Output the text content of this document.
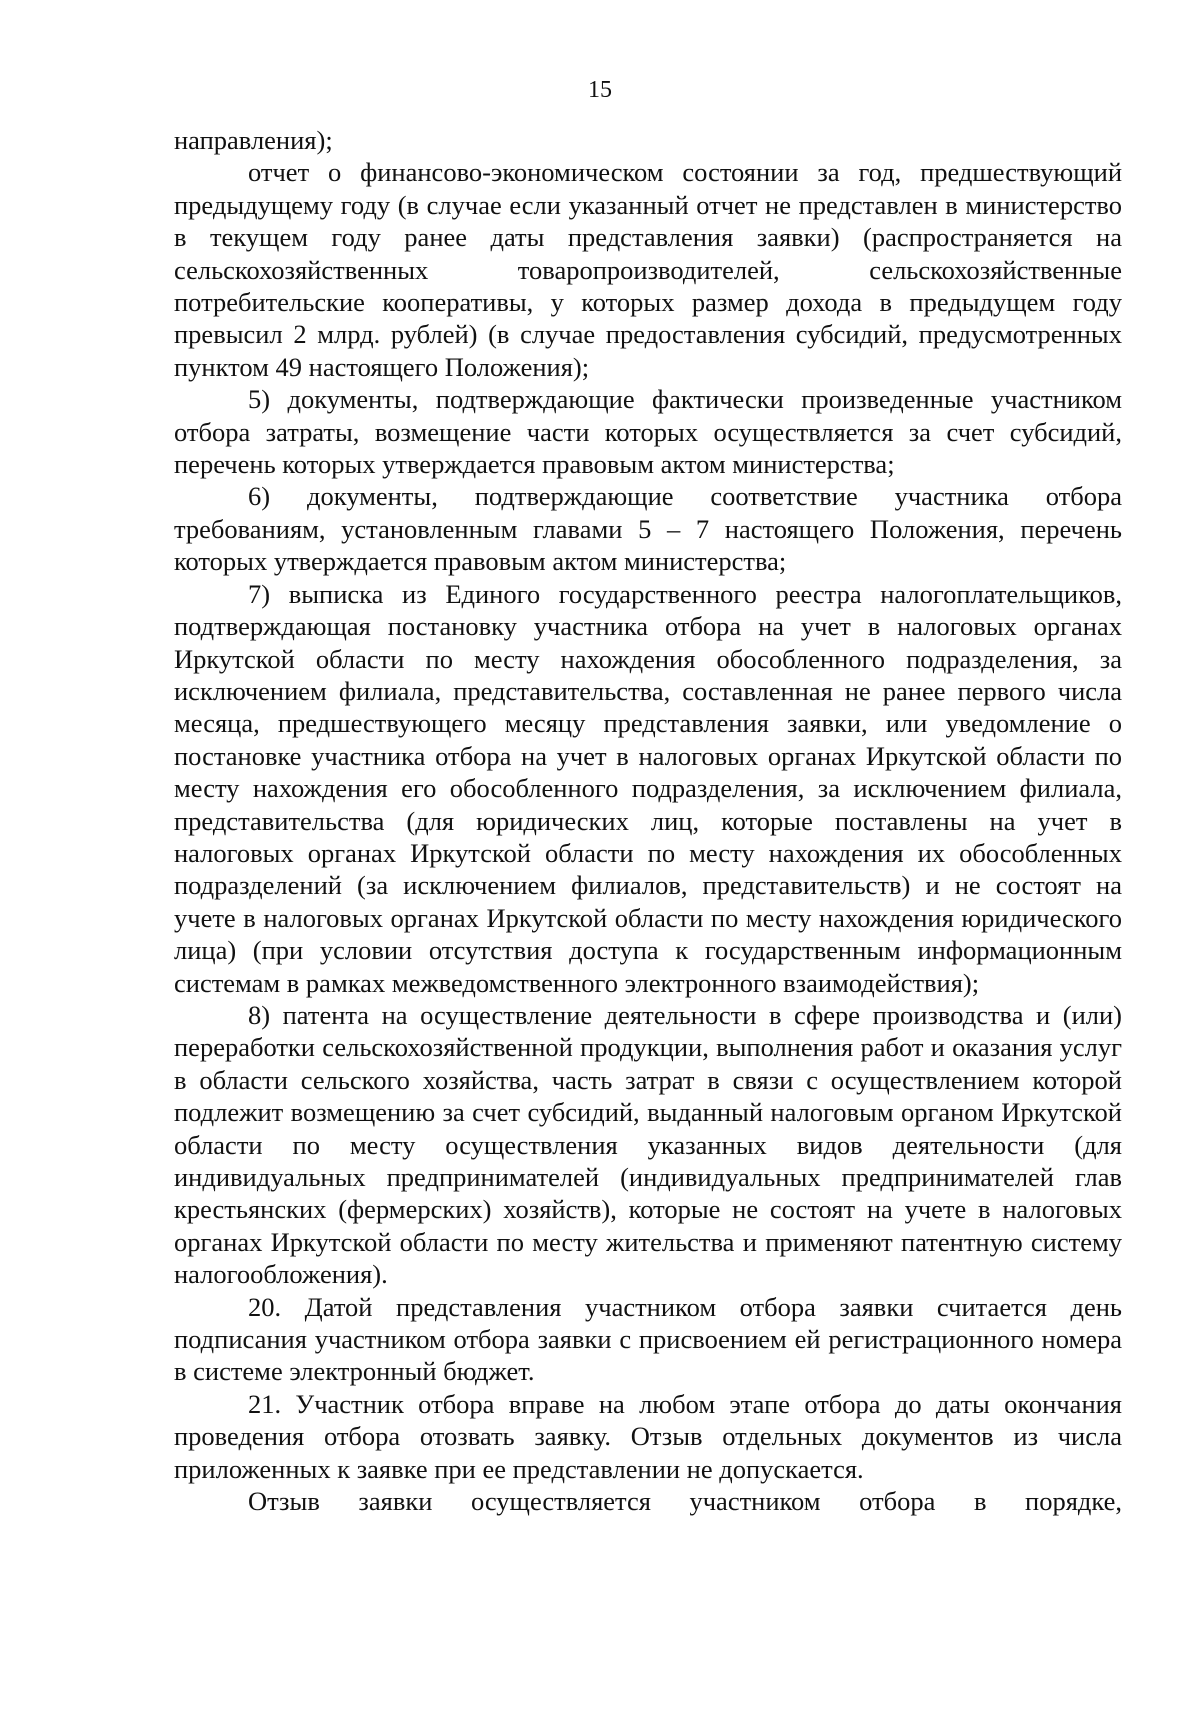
15

направления);

отчет о финансово-экономическом состоянии за год, предшествующий предыдущему году (в случае если указанный отчет не представлен в министерство в текущем году ранее даты представления заявки) (распространяется на сельскохозяйственных товаропроизводителей, сельскохозяйственные потребительские кооперативы, у которых размер дохода в предыдущем году превысил 2 млрд. рублей) (в случае предоставления субсидий, предусмотренных пунктом 49 настоящего Положения);

5) документы, подтверждающие фактически произведенные участником отбора затраты, возмещение части которых осуществляется за счет субсидий, перечень которых утверждается правовым актом министерства;

6) документы, подтверждающие соответствие участника отбора требованиям, установленным главами 5 – 7 настоящего Положения, перечень которых утверждается правовым актом министерства;

7) выписка из Единого государственного реестра налогоплательщиков, подтверждающая постановку участника отбора на учет в налоговых органах Иркутской области по месту нахождения обособленного подразделения, за исключением филиала, представительства, составленная не ранее первого числа месяца, предшествующего месяцу представления заявки, или уведомление о постановке участника отбора на учет в налоговых органах Иркутской области по месту нахождения его обособленного подразделения, за исключением филиала, представительства (для юридических лиц, которые поставлены на учет в налоговых органах Иркутской области по месту нахождения их обособленных подразделений (за исключением филиалов, представительств) и не состоят на учете в налоговых органах Иркутской области по месту нахождения юридического лица) (при условии отсутствия доступа к государственным информационным системам в рамках межведомственного электронного взаимодействия);

8) патента на осуществление деятельности в сфере производства и (или) переработки сельскохозяйственной продукции, выполнения работ и оказания услуг в области сельского хозяйства, часть затрат в связи с осуществлением которой подлежит возмещению за счет субсидий, выданный налоговым органом Иркутской области по месту осуществления указанных видов деятельности (для индивидуальных предпринимателей (индивидуальных предпринимателей глав крестьянских (фермерских) хозяйств), которые не состоят на учете в налоговых органах Иркутской области по месту жительства и применяют патентную систему налогообложения).

20. Датой представления участником отбора заявки считается день подписания участником отбора заявки с присвоением ей регистрационного номера в системе электронный бюджет.

21. Участник отбора вправе на любом этапе отбора до даты окончания проведения отбора отозвать заявку. Отзыв отдельных документов из числа приложенных к заявке при ее представлении не допускается.

Отзыв заявки осуществляется участником отбора в порядке,
